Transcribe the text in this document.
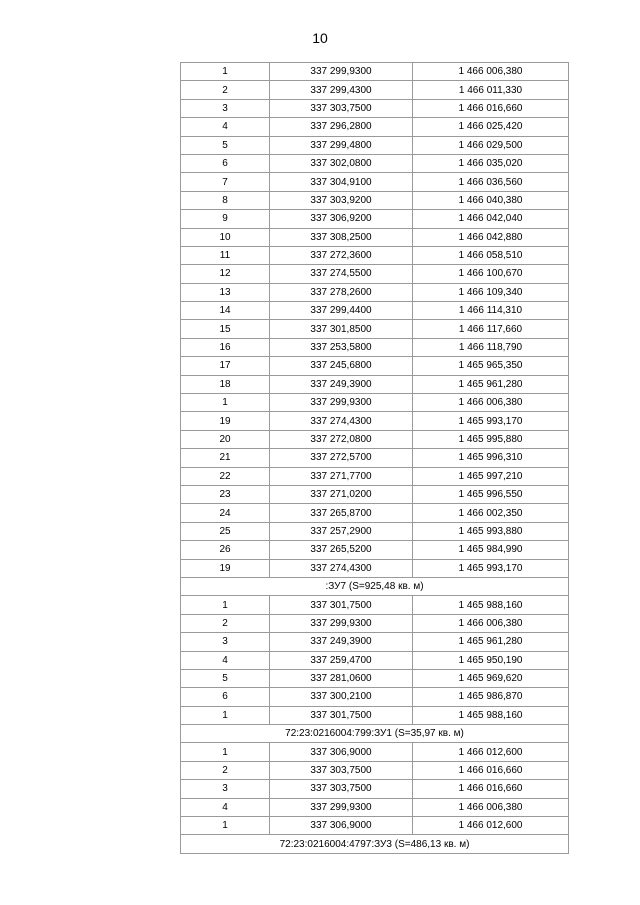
10
1	337 299,9300	1 466 006,380
2	337 299,4300	1 466 011,330
3	337 303,7500	1 466 016,660
4	337 296,2800	1 466 025,420
5	337 299,4800	1 466 029,500
6	337 302,0800	1 466 035,020
7	337 304,9100	1 466 036,560
8	337 303,9200	1 466 040,380
9	337 306,9200	1 466 042,040
10	337 308,2500	1 466 042,880
11	337 272,3600	1 466 058,510
12	337 274,5500	1 466 100,670
13	337 278,2600	1 466 109,340
14	337 299,4400	1 466 114,310
15	337 301,8500	1 466 117,660
16	337 253,5800	1 466 118,790
17	337 245,6800	1 465 965,350
18	337 249,3900	1 465 961,280
1	337 299,9300	1 466 006,380
19	337 274,4300	1 465 993,170
20	337 272,0800	1 465 995,880
21	337 272,5700	1 465 996,310
22	337 271,7700	1 465 997,210
23	337 271,0200	1 465 996,550
24	337 265,8700	1 466 002,350
25	337 257,2900	1 465 993,880
26	337 265,5200	1 465 984,990
19	337 274,4300	1 465 993,170
:ЗУ7 (S=925,48 кв. м)		
1	337 301,7500	1 465 988,160
2	337 299,9300	1 466 006,380
3	337 249,3900	1 465 961,280
4	337 259,4700	1 465 950,190
5	337 281,0600	1 465 969,620
6	337 300,2100	1 465 986,870
1	337 301,7500	1 465 988,160
72:23:0216004:799:ЗУ1 (S=35,97 кв. м)		
1	337 306,9000	1 466 012,600
2	337 303,7500	1 466 016,660
3	337 303,7500	1 466 016,660
4	337 299,9300	1 466 006,380
1	337 306,9000	1 466 012,600
72:23:0216004:4797:ЗУ3 (S=486,13 кв. м)		
